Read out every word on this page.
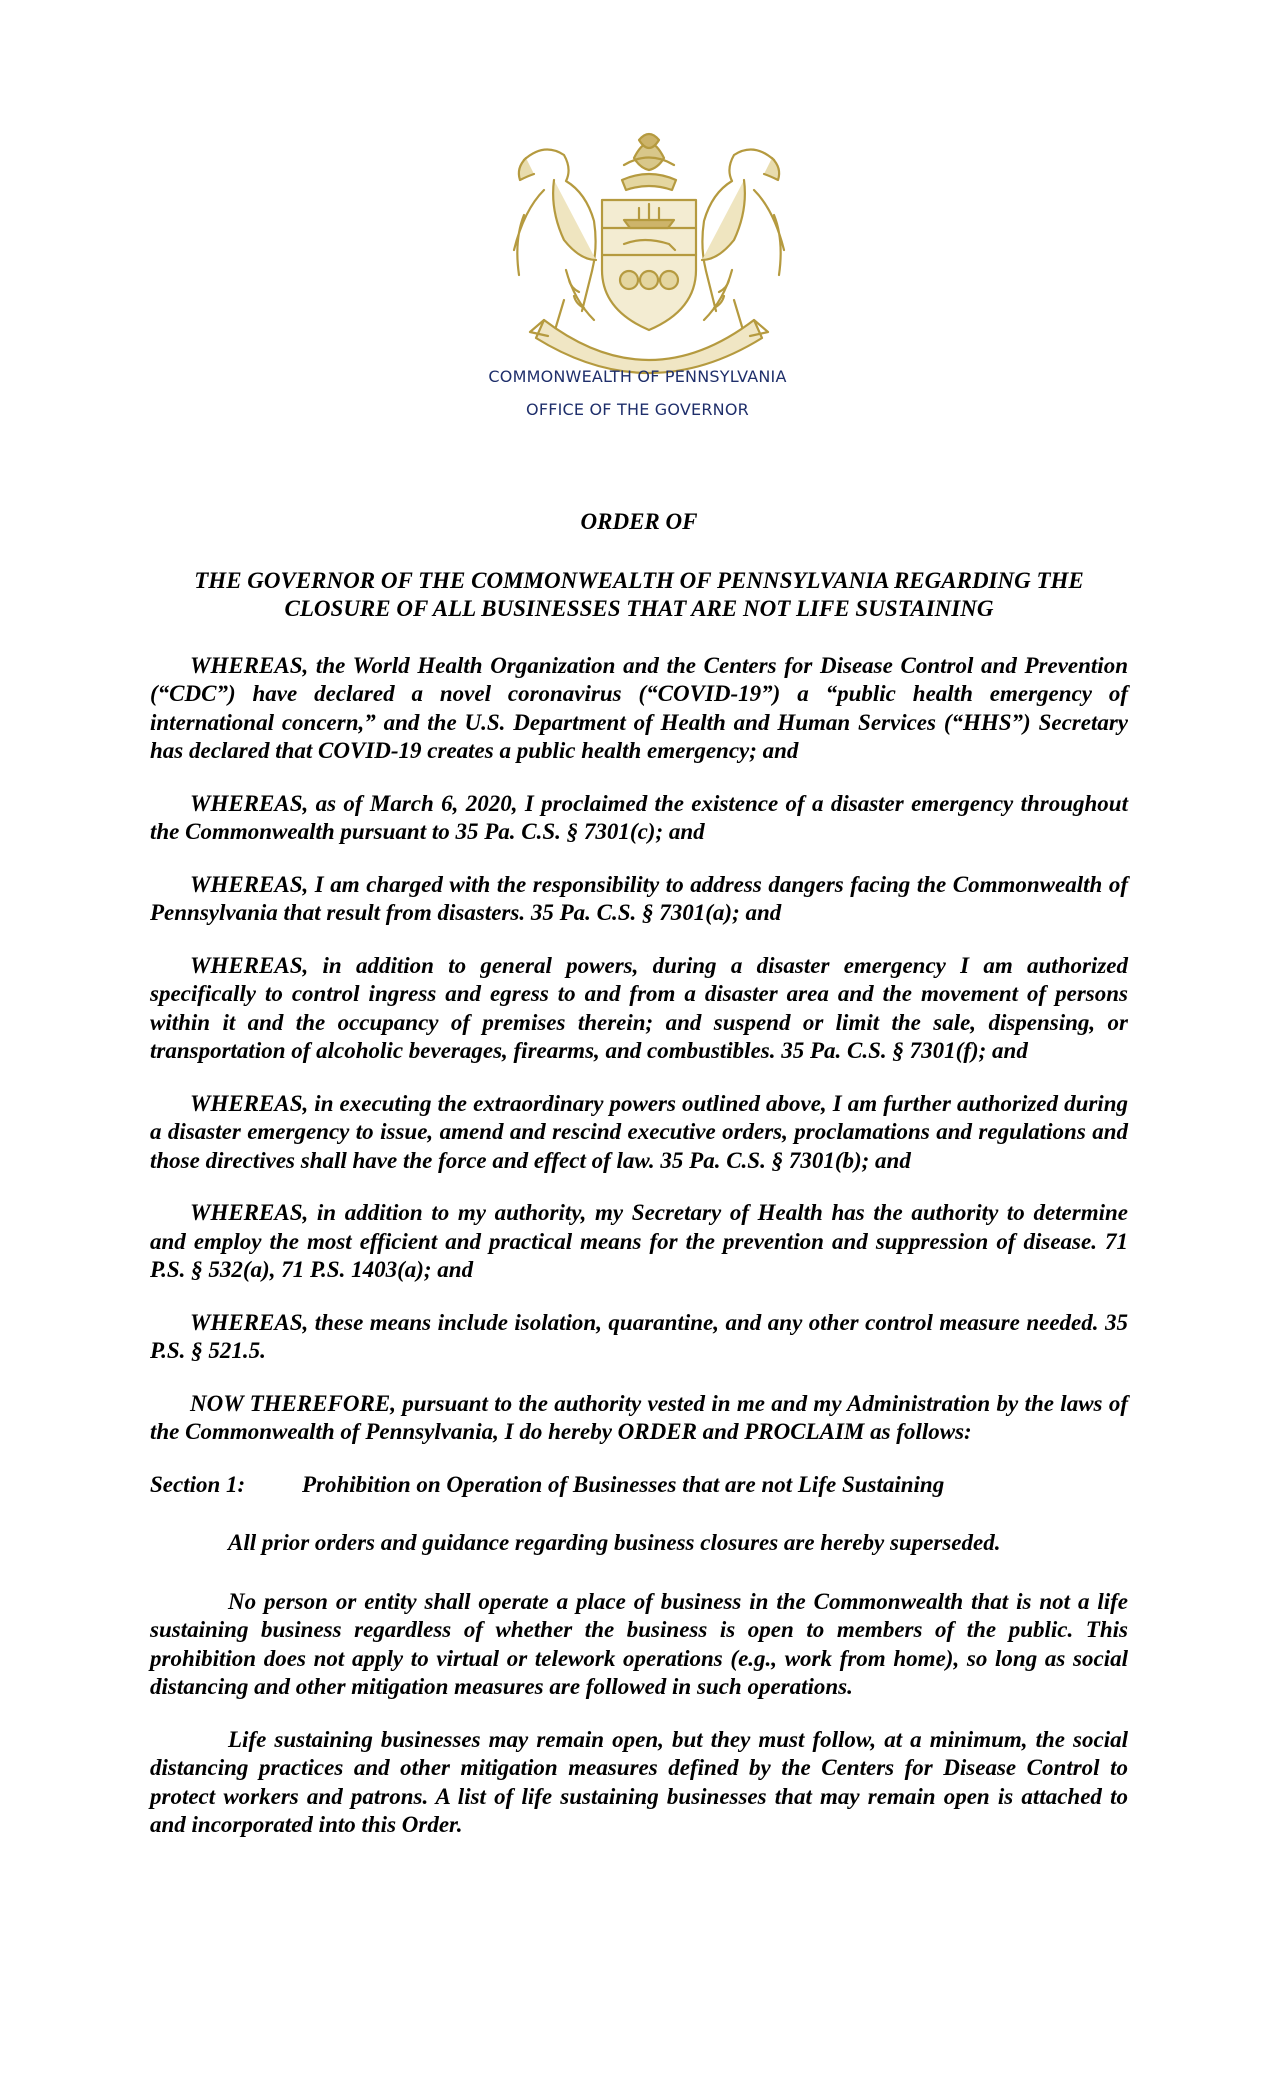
COMMONWEALTH OF PENNSYLVANIA
OFFICE OF THE GOVERNOR

ORDER OF

THE GOVERNOR OF THE COMMONWEALTH OF PENNSYLVANIA REGARDING THE CLOSURE OF ALL BUSINESSES THAT ARE NOT LIFE SUSTAINING

WHEREAS, the World Health Organization and the Centers for Disease Control and Prevention (“CDC”) have declared a novel coronavirus (“COVID-19”) a “public health emergency of international concern,” and the U.S. Department of Health and Human Services (“HHS”) Secretary has declared that COVID-19 creates a public health emergency; and

WHEREAS, as of March 6, 2020, I proclaimed the existence of a disaster emergency throughout the Commonwealth pursuant to 35 Pa. C.S. § 7301(c); and

WHEREAS, I am charged with the responsibility to address dangers facing the Commonwealth of Pennsylvania that result from disasters. 35 Pa. C.S. § 7301(a); and

WHEREAS, in addition to general powers, during a disaster emergency I am authorized specifically to control ingress and egress to and from a disaster area and the movement of persons within it and the occupancy of premises therein; and suspend or limit the sale, dispensing, or transportation of alcoholic beverages, firearms, and combustibles. 35 Pa. C.S. § 7301(f); and

WHEREAS, in executing the extraordinary powers outlined above, I am further authorized during a disaster emergency to issue, amend and rescind executive orders, proclamations and regulations and those directives shall have the force and effect of law. 35 Pa. C.S. § 7301(b); and

WHEREAS, in addition to my authority, my Secretary of Health has the authority to determine and employ the most efficient and practical means for the prevention and suppression of disease. 71 P.S. § 532(a), 71 P.S. 1403(a); and

WHEREAS, these means include isolation, quarantine, and any other control measure needed. 35 P.S. § 521.5.

NOW THEREFORE, pursuant to the authority vested in me and my Administration by the laws of the Commonwealth of Pennsylvania, I do hereby ORDER and PROCLAIM as follows:

Section 1:	Prohibition on Operation of Businesses that are not Life Sustaining

All prior orders and guidance regarding business closures are hereby superseded.

No person or entity shall operate a place of business in the Commonwealth that is not a life sustaining business regardless of whether the business is open to members of the public. This prohibition does not apply to virtual or telework operations (e.g., work from home), so long as social distancing and other mitigation measures are followed in such operations.

Life sustaining businesses may remain open, but they must follow, at a minimum, the social distancing practices and other mitigation measures defined by the Centers for Disease Control to protect workers and patrons. A list of life sustaining businesses that may remain open is attached to and incorporated into this Order.
